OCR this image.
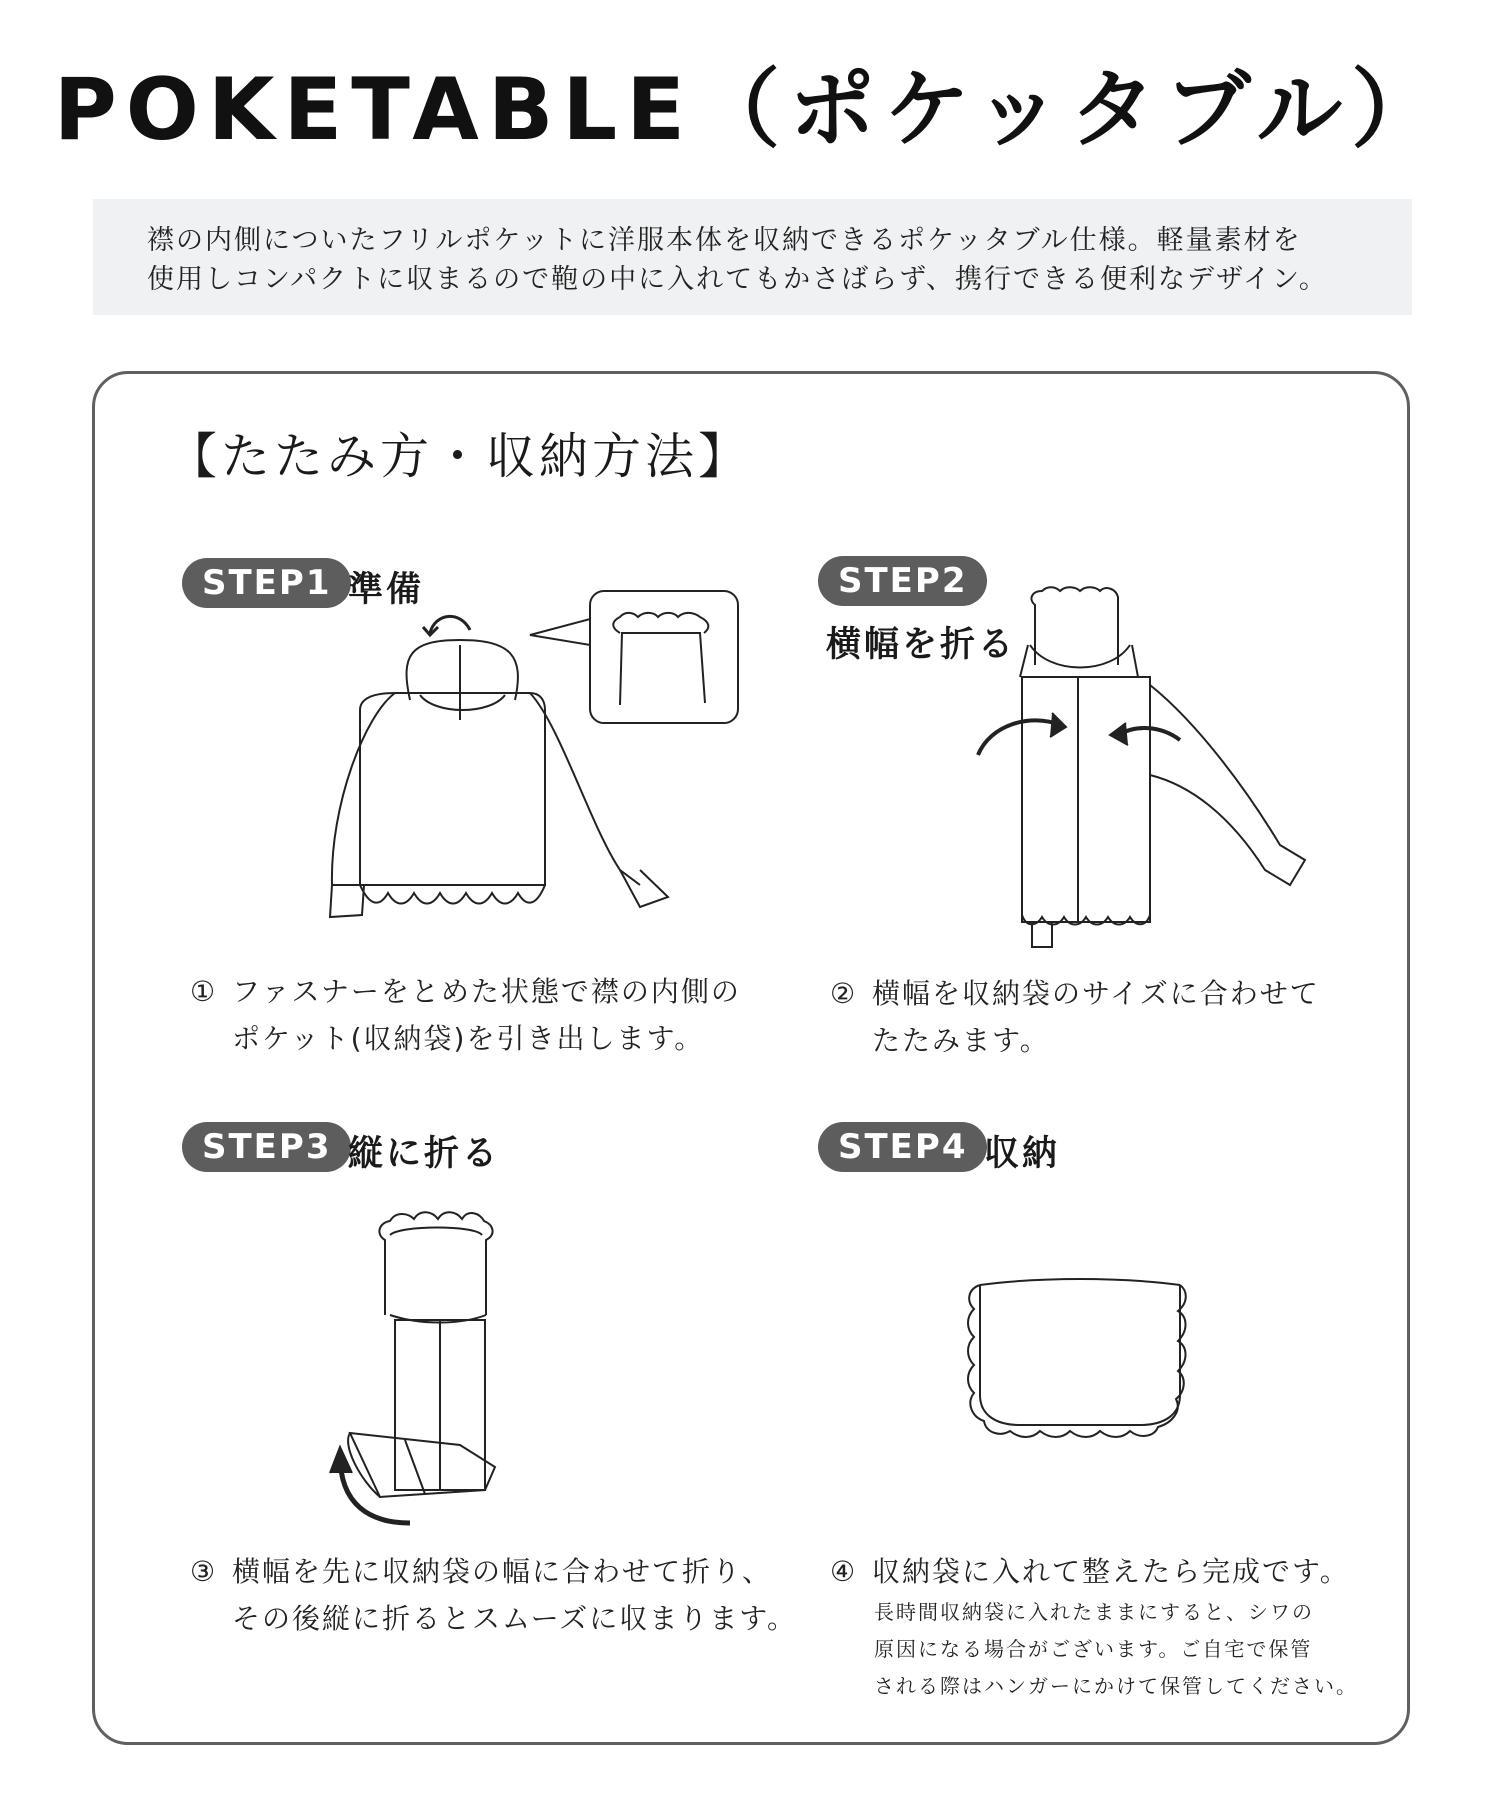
POKETABLE（ポケッタブル）

襟の内側についたフリルポケットに洋服本体を収納できるポケッタブル仕様。軽量素材を

使用しコンパクトに収まるので鞄の中に入れてもかさばらず、携行できる便利なデザイン。

【たたみ方・収納方法】
STEP1 準備
① ファスナーをとめた状態で襟の内側の
ポケット(収納袋)を引き出します。
STEP2
横幅を折る
② 横幅を収納袋のサイズに合わせて
たたみます。
STEP3 縦に折る
③ 横幅を先に収納袋の幅に合わせて折り、
その後縦に折るとスムーズに収まります。
STEP4 収納
④ 収納袋に入れて整えたら完成です。
長時間収納袋に入れたままにすると、シワの
原因になる場合がございます。ご自宅で保管
される際はハンガーにかけて保管してください。
